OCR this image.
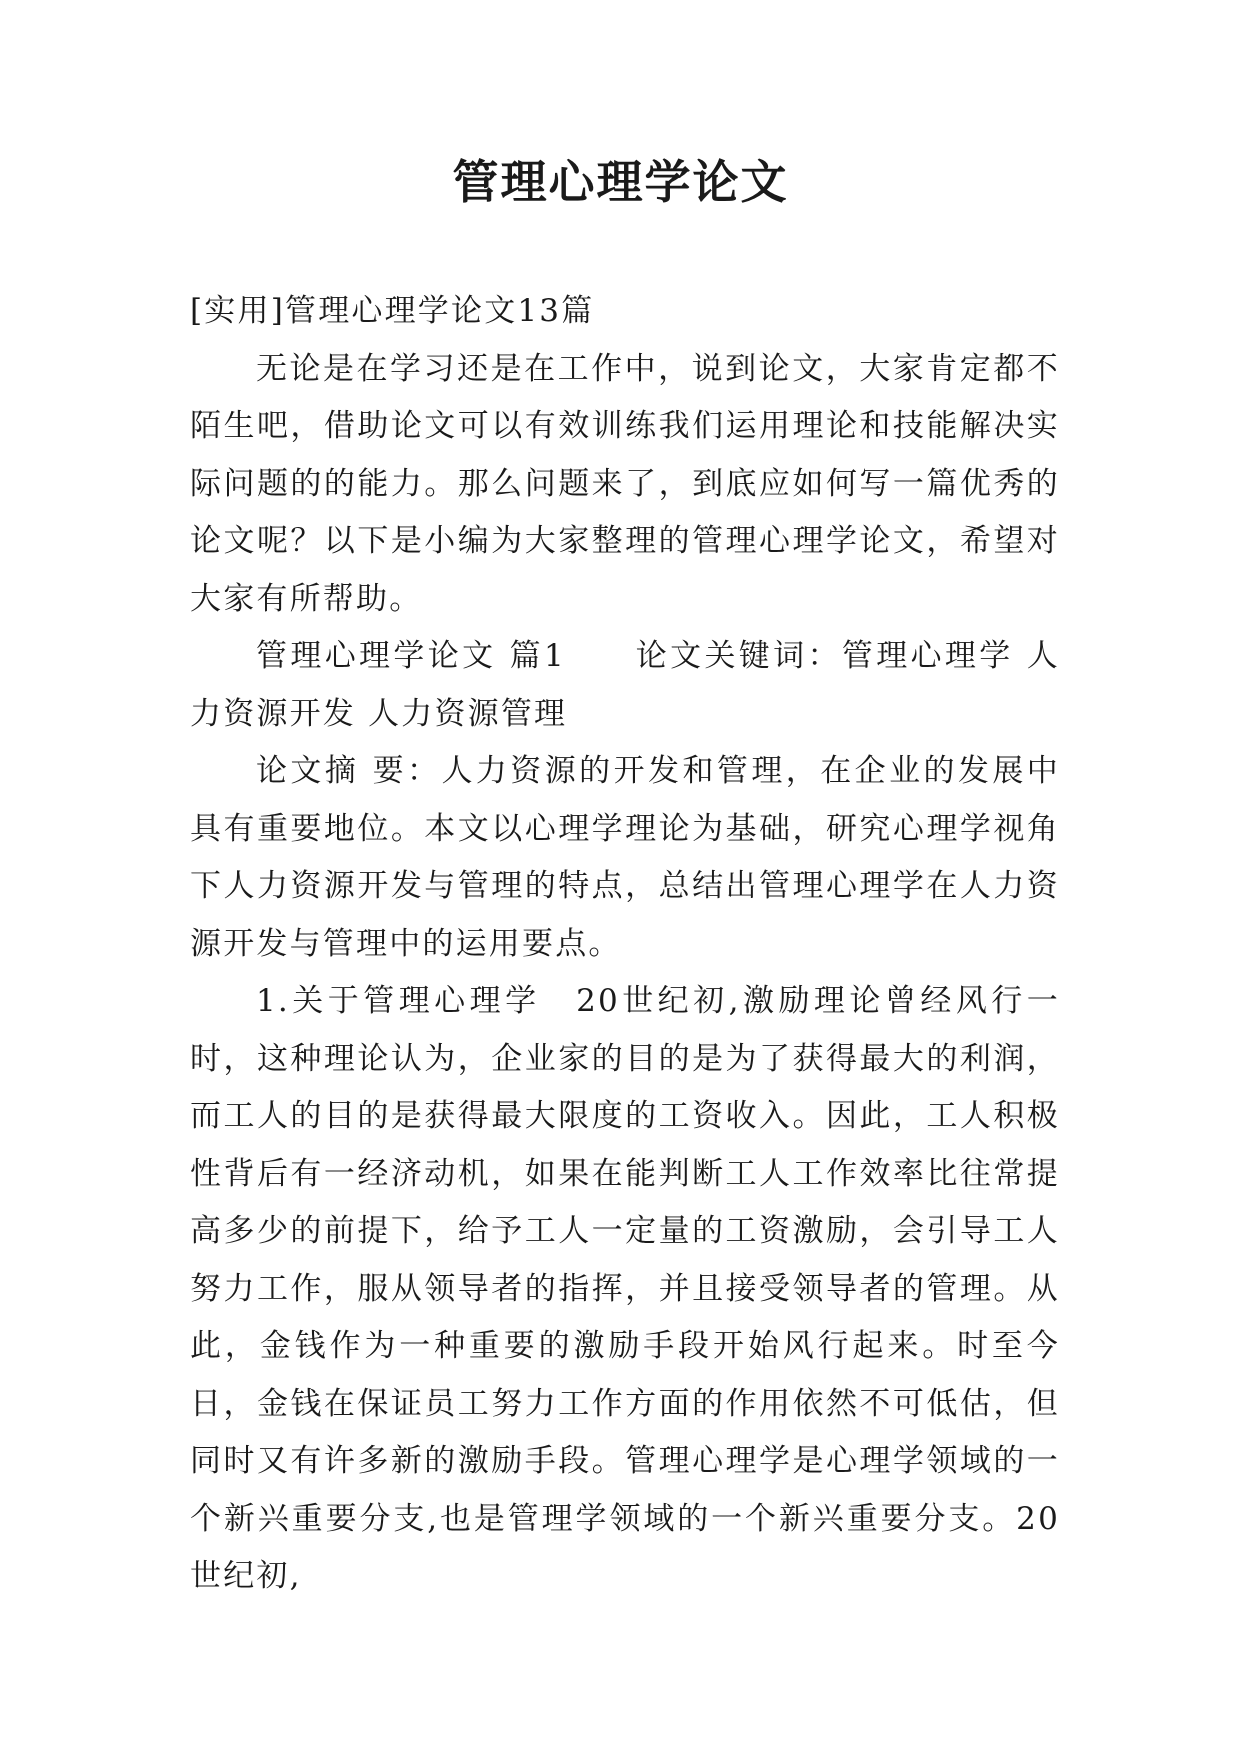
管理心理学论文

[实用]管理心理学论文13篇

无论是在学习还是在工作中，说到论文，大家肯定都不陌生吧，借助论文可以有效训练我们运用理论和技能解决实际问题的的能力。那么问题来了，到底应如何写一篇优秀的论文呢？以下是小编为大家整理的管理心理学论文，希望对大家有所帮助。

管理心理学论文 篇1　　论文关键词：管理心理学 人力资源开发 人力资源管理

论文摘 要：人力资源的开发和管理，在企业的发展中具有重要地位。本文以心理学理论为基础，研究心理学视角下人力资源开发与管理的特点，总结出管理心理学在人力资源开发与管理中的运用要点。

1.关于管理心理学　20世纪初,激励理论曾经风行一时，这种理论认为，企业家的目的是为了获得最大的利润，而工人的目的是获得最大限度的工资收入。因此，工人积极性背后有一经济动机，如果在能判断工人工作效率比往常提高多少的前提下，给予工人一定量的工资激励，会引导工人努力工作，服从领导者的指挥，并且接受领导者的管理。从此，金钱作为一种重要的激励手段开始风行起来。时至今日，金钱在保证员工努力工作方面的作用依然不可低估，但同时又有许多新的激励手段。管理心理学是心理学领域的一个新兴重要分支,也是管理学领域的一个新兴重要分支。20世纪初,
